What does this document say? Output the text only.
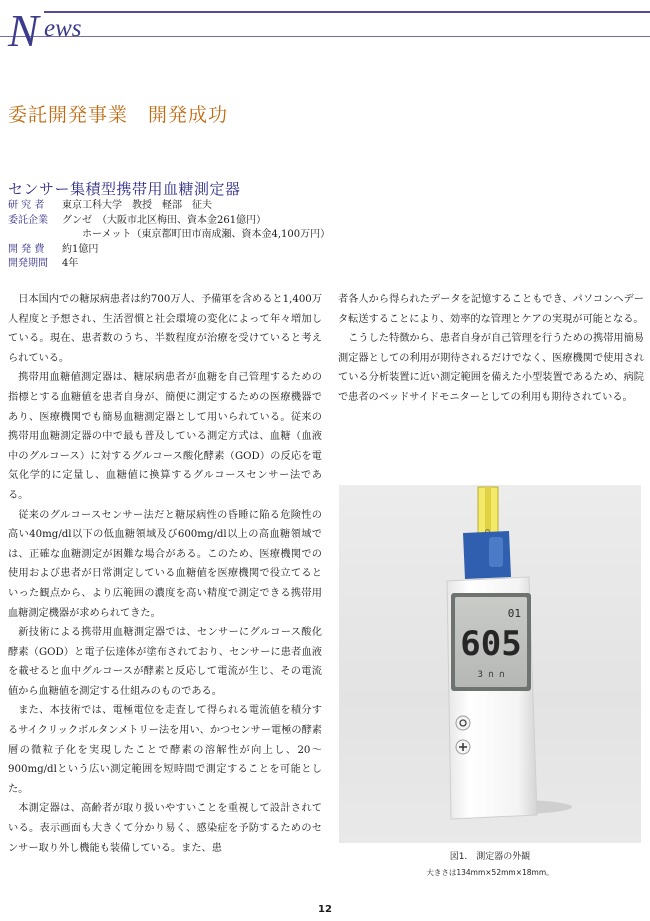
N ews
委託開発事業　開発成功
センサー集積型携帯用血糖測定器
研 究 者	東京工科大学　教授　軽部　征夫
委託企業	グンゼ　（大阪市北区梅田、資本金261億円）
ホーメット（東京都町田市南成瀬、資本金4,100万円）
開 発 費	約1億円
開発期間	4年

日本国内での糖尿病患者は約700万人、予備軍を含めると1,400万人程度と予想され、生活習慣と社会環境の変化によって年々増加している。現在、患者数のうち、半数程度が治療を受けていると考えられている。

携帯用血糖値測定器は、糖尿病患者が血糖を自己管理するための指標とする血糖値を患者自身が、簡便に測定するための医療機器であり、医療機関でも簡易血糖測定器として用いられている。従来の携帯用血糖測定器の中で最も普及している測定方式は、血糖（血液中のグルコース）に対するグルコース酸化酵素（GOD）の反応を電気化学的に定量し、血糖値に換算するグルコースセンサー法である。

従来のグルコースセンサー法だと糖尿病性の昏睡に陥る危険性の高い40mg/dl以下の低血糖領域及び600mg/dl以上の高血糖領域では、正確な血糖測定が困難な場合がある。このため、医療機関での使用および患者が日常測定している血糖値を医療機関で役立てるといった観点から、より広範囲の濃度を高い精度で測定できる携帯用血糖測定機器が求められてきた。

新技術による携帯用血糖測定器では、センサーにグルコース酸化酵素（GOD）と電子伝達体が塗布されており、センサーに患者血液を載せると血中グルコースが酵素と反応して電流が生じ、その電流値から血糖値を測定する仕組みのものである。

また、本技術では、電極電位を走査して得られる電流値を積分するサイクリックボルタンメトリー法を用い、かつセンサー電極の酵素層の微粒子化を実現したことで酵素の溶解性が向上し、20〜900mg/dlという広い測定範囲を短時間で測定することを可能とした。

本測定器は、高齢者が取り扱いやすいことを重視して設計されている。表示画面も大きくて分かり易く、感染症を予防するためのセンサー取り外し機能も装備している。また、患

者各人から得られたデータを記憶することもでき、パソコンへデータ転送することにより、効率的な管理とケアの実現が可能となる。

こうした特徴から、患者自身が自己管理を行うための携帯用簡易測定器としての利用が期待されるだけでなく、医療機関で使用されている分析装置に近い測定範囲を備えた小型装置であるため、病院で患者のベッドサイドモニターとしての利用も期待されている。

01
605
3 ∩ ∩
図1.　測定器の外観
大きさは134mm×52mm×18mm。
12
